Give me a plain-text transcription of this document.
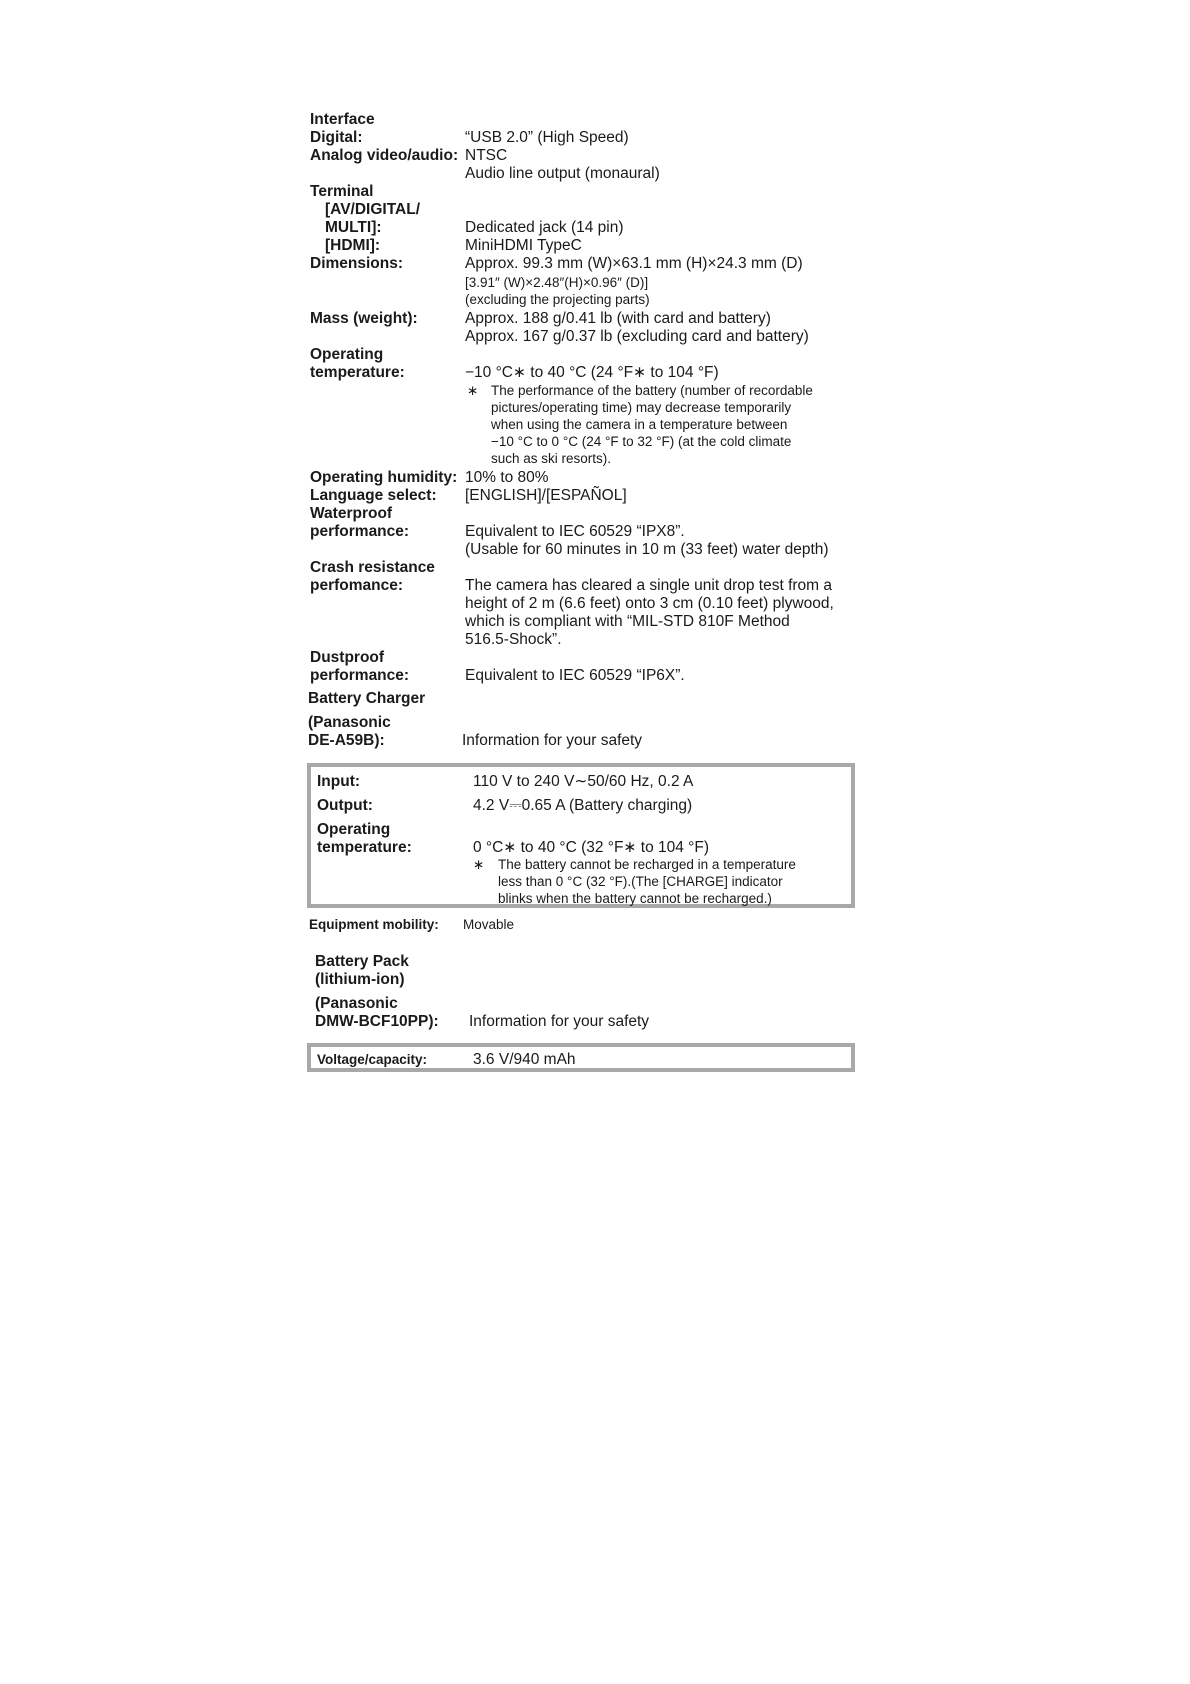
Interface
Digital:	“USB 2.0” (High Speed)
Analog video/audio: NTSC
Audio line output (monaural)
Terminal
[AV/DIGITAL/
MULTI]:	Dedicated jack (14 pin)
[HDMI]:	MiniHDMI TypeC
Dimensions:	Approx. 99.3 mm (W)×63.1 mm (H)×24.3 mm (D)
[3.91″ (W)×2.48″(H)×0.96″ (D)]
(excluding the projecting parts)
Mass (weight):	Approx. 188 g/0.41 lb (with card and battery)
Approx. 167 g/0.37 lb (excluding card and battery)
Operating
temperature:	−10 °C∗ to 40 °C (24 °F∗ to 104 °F)
∗ The performance of the battery (number of recordable
pictures/operating time) may decrease temporarily
when using the camera in a temperature between
−10 °C to 0 °C (24 °F to 32 °F) (at the cold climate
such as ski resorts).
Operating humidity: 10% to 80%
Language select: [ENGLISH]/[ESPAÑOL]
Waterproof
performance:	Equivalent to IEC 60529 “IPX8”.
(Usable for 60 minutes in 10 m (33 feet) water depth)
Crash resistance
perfomance:	The camera has cleared a single unit drop test from a
height of 2 m (6.6 feet) onto 3 cm (0.10 feet) plywood,
which is compliant with “MIL-STD 810F Method
516.5-Shock”.
Dustproof
performance:	Equivalent to IEC 60529 “IP6X”.
Battery Charger
(Panasonic
DE-A59B):	Information for your safety
Input:	110 V to 240 V∼50/60 Hz, 0.2 A
Output:	4.2 V⎓0.65 A (Battery charging)
Operating
temperature:	0 °C∗ to 40 °C (32 °F∗ to 104 °F)
∗ The battery cannot be recharged in a temperature
less than 0 °C (32 °F).(The [CHARGE] indicator
blinks when the battery cannot be recharged.)
Equipment mobility: Movable
Battery Pack
(lithium-ion)
(Panasonic
DMW-BCF10PP): Information for your safety
Voltage/capacity:	3.6 V/940 mAh
